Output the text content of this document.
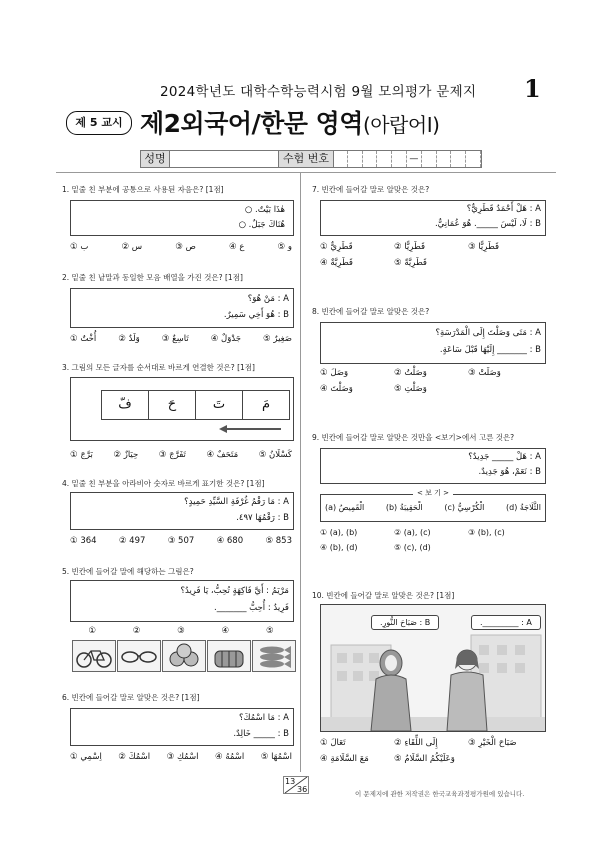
2024학년도 대학수학능력시험 9월 모의평가 문제지 1
제 5 교시 제2외국어/한문 영역(아랍어Ⅰ)
성명	수험 번호	—
1. 밑줄 친 부분에 공통으로 사용된 자음은? [1점]
هٰذَا بَيْتٌ. ○
هُنَاكَ جَبَلٌ. ○
① ب	② س	③ ص	④ ع	⑤ و
2. 밑줄 친 낱말과 동일한 모음 배열을 가진 것은? [1점]
A : مَنْ هُوَ؟
B : هُوَ أَخِي سَمِيرٌ.
① أُخْتٌ	② وَلَدٌ	③ تَاسِعٌ	④ جَدْوَلٌ	⑤ صَغِيرٌ
3. 그림의 모든 글자를 순서대로 바르게 연결한 것은? [1점]
فّ	حَ	تَ	مَ
① بَرَّجَ ② حِيَازٌ ③ تَفَرَّجَ ④ مَتَحَفٌ ⑤ كَسْلَانُ
4. 밑줄 친 부분을 아라비아 숫자로 바르게 표기한 것은? [1점]
A : مَا رَقْمُ غُرْفَةِ السَّيِّدِ حَمِيدٍ؟
B : رَقْمُهَا ٤٩٧.
① 364	② 497	③ 507	④ 680	⑤ 853
5. 빈칸에 들어갈 말에 해당하는 그림은?
مَرْيَمُ : أَيَّ فَاكِهَةٍ تُحِبُّ، يَا فَرِيدُ؟
فَرِيدُ : أُحِبُّ _______.
①	②	③	④	⑤
6. 빈칸에 들어갈 말로 알맞은 것은? [1점]
A : مَا اسْمُكَ؟
B : _____ خَالِدٌ.
① اِسْمِي ② اسْمُكَ ③ اسْمُكِ ④ اسْمُهُ ⑤ اسْمُهَا
7. 빈칸에 들어갈 말로 알맞은 것은?
A : هَلْ أَحْمَدُ قَطَرِيٌّ؟
B : لَا، لَيْسَ _____. هُوَ عُمَانِيٌّ.
① قَطَرِيٌّ	② قَطَرِيًّا	③ قَطَرِيًّا
④ قَطَرِيَّةٌ	⑤ قَطَرِيَّةً
8. 빈칸에 들어갈 말로 알맞은 것은?
A : مَتَى وَصَلْتَ إِلَى الْمَدْرَسَةِ؟
B : _______ إِلَيْهَا قَبْلَ سَاعَةٍ.
① وَصَلَ	② وَصَلْتُ	③ وَصَلَتْ
④ وَصَلْتَ	⑤ وَصَلْتِ
9. 빈칸에 들어갈 말로 알맞은 것만을 <보기>에서 고른 것은?
A : هَلْ _____ جَدِيدٌ؟
B : نَعَمْ، هُوَ جَدِيدٌ.
< 보 기 >
(a) الْقَمِيصُ	(b) الْحَقِيبَةُ	(c) الْكُرْسِيُّ	(d) الثَّلَاجَةُ
① (a), (b)	② (a), (c)	③ (b), (c)
④ (b), (d)	⑤ (c), (d)
10. 빈칸에 들어갈 말로 알맞은 것은? [1점]
B : صَبَاحَ النُّورِ.	A : _________.
① تَعَالَ	② إِلَى اللِّقَاءِ	③ صَبَاحَ الْخَيْرِ
④ مَعَ السَّلَامَةِ	⑤ وَعَلَيْكُمُ السَّلَامُ
13
36	이 문제지에 관한 저작권은 한국교육과정평가원에 있습니다.
